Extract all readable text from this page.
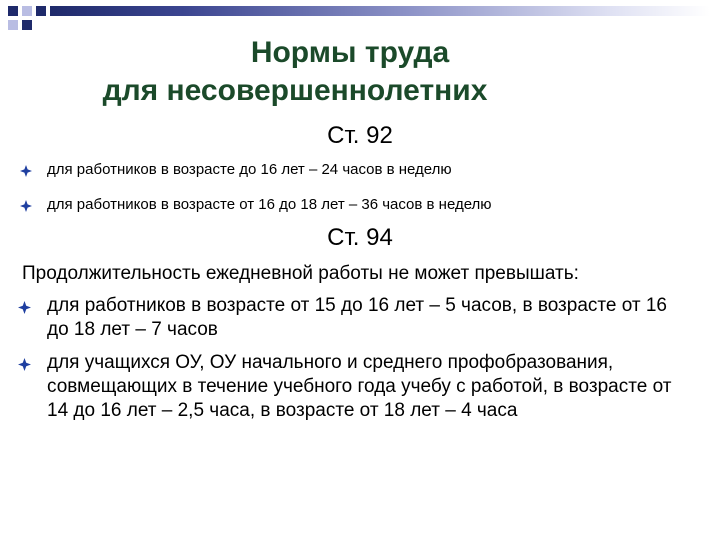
Нормы труда
для несовершеннолетних
Ст. 92
для работников в возрасте до 16 лет – 24 часов в неделю
для работников в возрасте от 16 до 18 лет – 36 часов в неделю
Ст. 94
Продолжительность ежедневной работы не может превышать:
для работников в возрасте от 15 до 16 лет – 5 часов, в возрасте от 16 до 18 лет – 7 часов
для учащихся ОУ, ОУ начального и среднего профобразования, совмещающих в течение учебного года учебу с работой, в возрасте от 14 до 16 лет – 2,5 часа, в возрасте от 18 лет – 4 часа
